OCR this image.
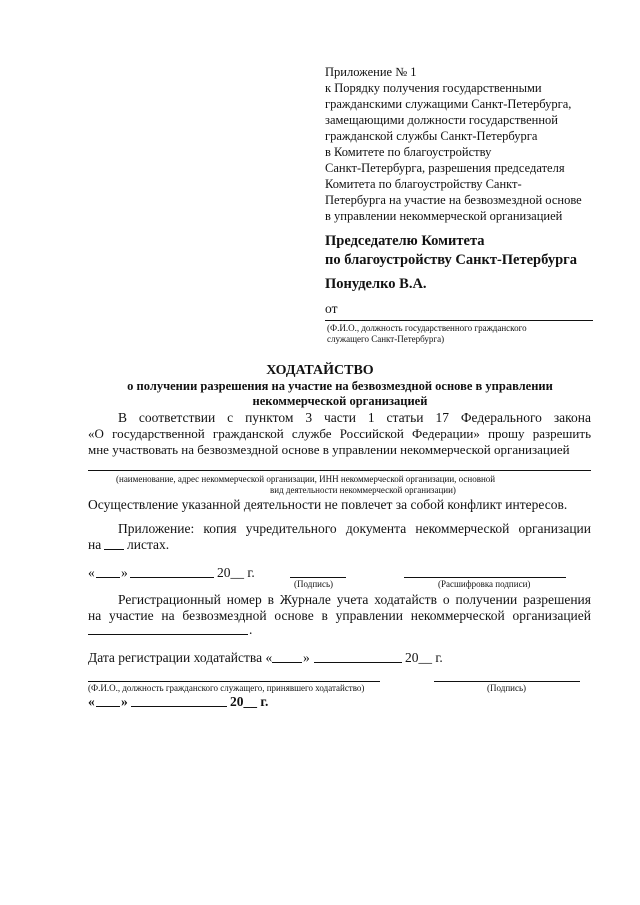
Приложение № 1
к Порядку получения государственными
гражданскими служащими Санкт-Петербурга,
замещающими должности государственной
гражданской службы Санкт-Петербурга
в Комитете по благоустройству
Санкт-Петербурга, разрешения председателя
Комитета по благоустройству Санкт-
Петербурга на участие на безвозмездной основе
в управлении некоммерческой организацией
Председателю Комитета
по благоустройству Санкт-Петербурга
Понуделко В.А.
от
(Ф.И.О., должность государственного гражданского
служащего Санкт-Петербурга)
ХОДАТАЙСТВО
о получении разрешения на участие на безвозмездной основе в управлении
некоммерческой организацией
В соответствии с пунктом 3 части 1 статьи 17 Федерального закона
«О государственной гражданской службе Российской Федерации» прошу разрешить
мне участвовать на безвозмездной основе в управлении некоммерческой организацией
(наименование, адрес некоммерческой организации, ИНН некоммерческой организации, основной
вид деятельности некоммерческой организации)
Осуществление указанной деятельности не повлечет за собой конфликт интересов.
Приложение: копия учредительного документа некоммерческой организации
на листах.
« »	20__ г.
(Подпись)	(Расшифровка подписи)
Регистрационный номер в Журнале учета ходатайств о получении разрешения
на участие на безвозмездной основе в управлении некоммерческой организацией
.
Дата регистрации ходатайства « »	20__ г.
(Ф.И.О., должность гражданского служащего, принявшего ходатайство)	(Подпись)
« »	20__ г.
